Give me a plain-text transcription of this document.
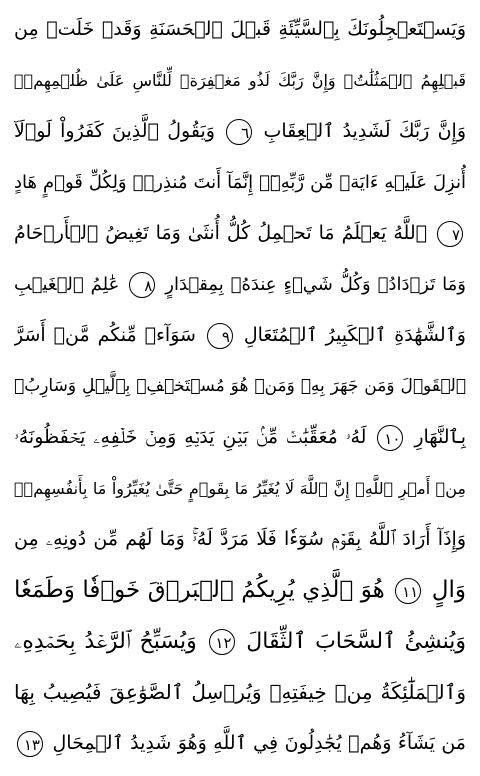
وَيَسۡتَعۡجِلُونَكَ بِٱلسَّيِّئَةِ قَبۡلَ ٱلۡحَسَنَةِ وَقَدۡ خَلَتۡ مِن
قَبۡلِهِمُ ٱلۡمَثُلَٰتُۗ وَإِنَّ رَبَّكَ لَذُو مَغۡفِرَةٖ لِّلنَّاسِ عَلَىٰ ظُلۡمِهِمۡۖ
وَإِنَّ رَبَّكَ لَشَدِيدُ ٱلۡعِقَابِ ٦ وَيَقُولُ ٱلَّذِينَ كَفَرُواْ لَوۡلَآ
أُنزِلَ عَلَيۡهِ ءَايَةٞ مِّن رَّبِّهِۦٓۗ إِنَّمَآ أَنتَ مُنذِرٞۖ وَلِكُلِّ قَوۡمٍ هَادٍ
٧ ٱللَّهُ يَعۡلَمُ مَا تَحۡمِلُ كُلُّ أُنثَىٰ وَمَا تَغِيضُ ٱلۡأَرۡحَامُ
وَمَا تَزۡدَادُۖ وَكُلُّ شَيۡءٍ عِندَهُۥ بِمِقۡدَارٍ ٨ عَٰلِمُ ٱلۡغَيۡبِ
وَٱلشَّهَٰدَةِ ٱلۡكَبِيرُ ٱلۡمُتَعَالِ ٩ سَوَآءٞ مِّنكُم مَّنۡ أَسَرَّ
ٱلۡقَوۡلَ وَمَن جَهَرَ بِهِۦ وَمَنۡ هُوَ مُسۡتَخۡفِۭ بِٱلَّيۡلِ وَسَارِبُۢ
بِٱلنَّهَارِ ١٠ لَهُۥ مُعَقِّبَٰتٞ مِّنۢ بَيۡنِ يَدَيۡهِ وَمِنۡ خَلۡفِهِۦ يَحۡفَظُونَهُۥ
مِنۡ أَمۡرِ ٱللَّهِۗ إِنَّ ٱللَّهَ لَا يُغَيِّرُ مَا بِقَوۡمٍ حَتَّىٰ يُغَيِّرُواْ مَا بِأَنفُسِهِمۡۗ
وَإِذَآ أَرَادَ ٱللَّهُ بِقَوۡمٖ سُوٓءٗا فَلَا مَرَدَّ لَهُۥۚ وَمَا لَهُم مِّن دُونِهِۦ مِن
وَالٍ ١١ هُوَ ٱلَّذِي يُرِيكُمُ ٱلۡبَرۡقَ خَوۡفٗا وَطَمَعٗا
وَيُنشِئُ ٱلسَّحَابَ ٱلثِّقَالَ ١٢ وَيُسَبِّحُ ٱلرَّعۡدُ بِحَمۡدِهِۦ
وَٱلۡمَلَٰٓئِكَةُ مِنۡ خِيفَتِهِۦ وَيُرۡسِلُ ٱلصَّوَٰعِقَ فَيُصِيبُ بِهَا
مَن يَشَآءُ وَهُمۡ يُجَٰدِلُونَ فِي ٱللَّهِ وَهُوَ شَدِيدُ ٱلۡمِحَالِ ١٣
